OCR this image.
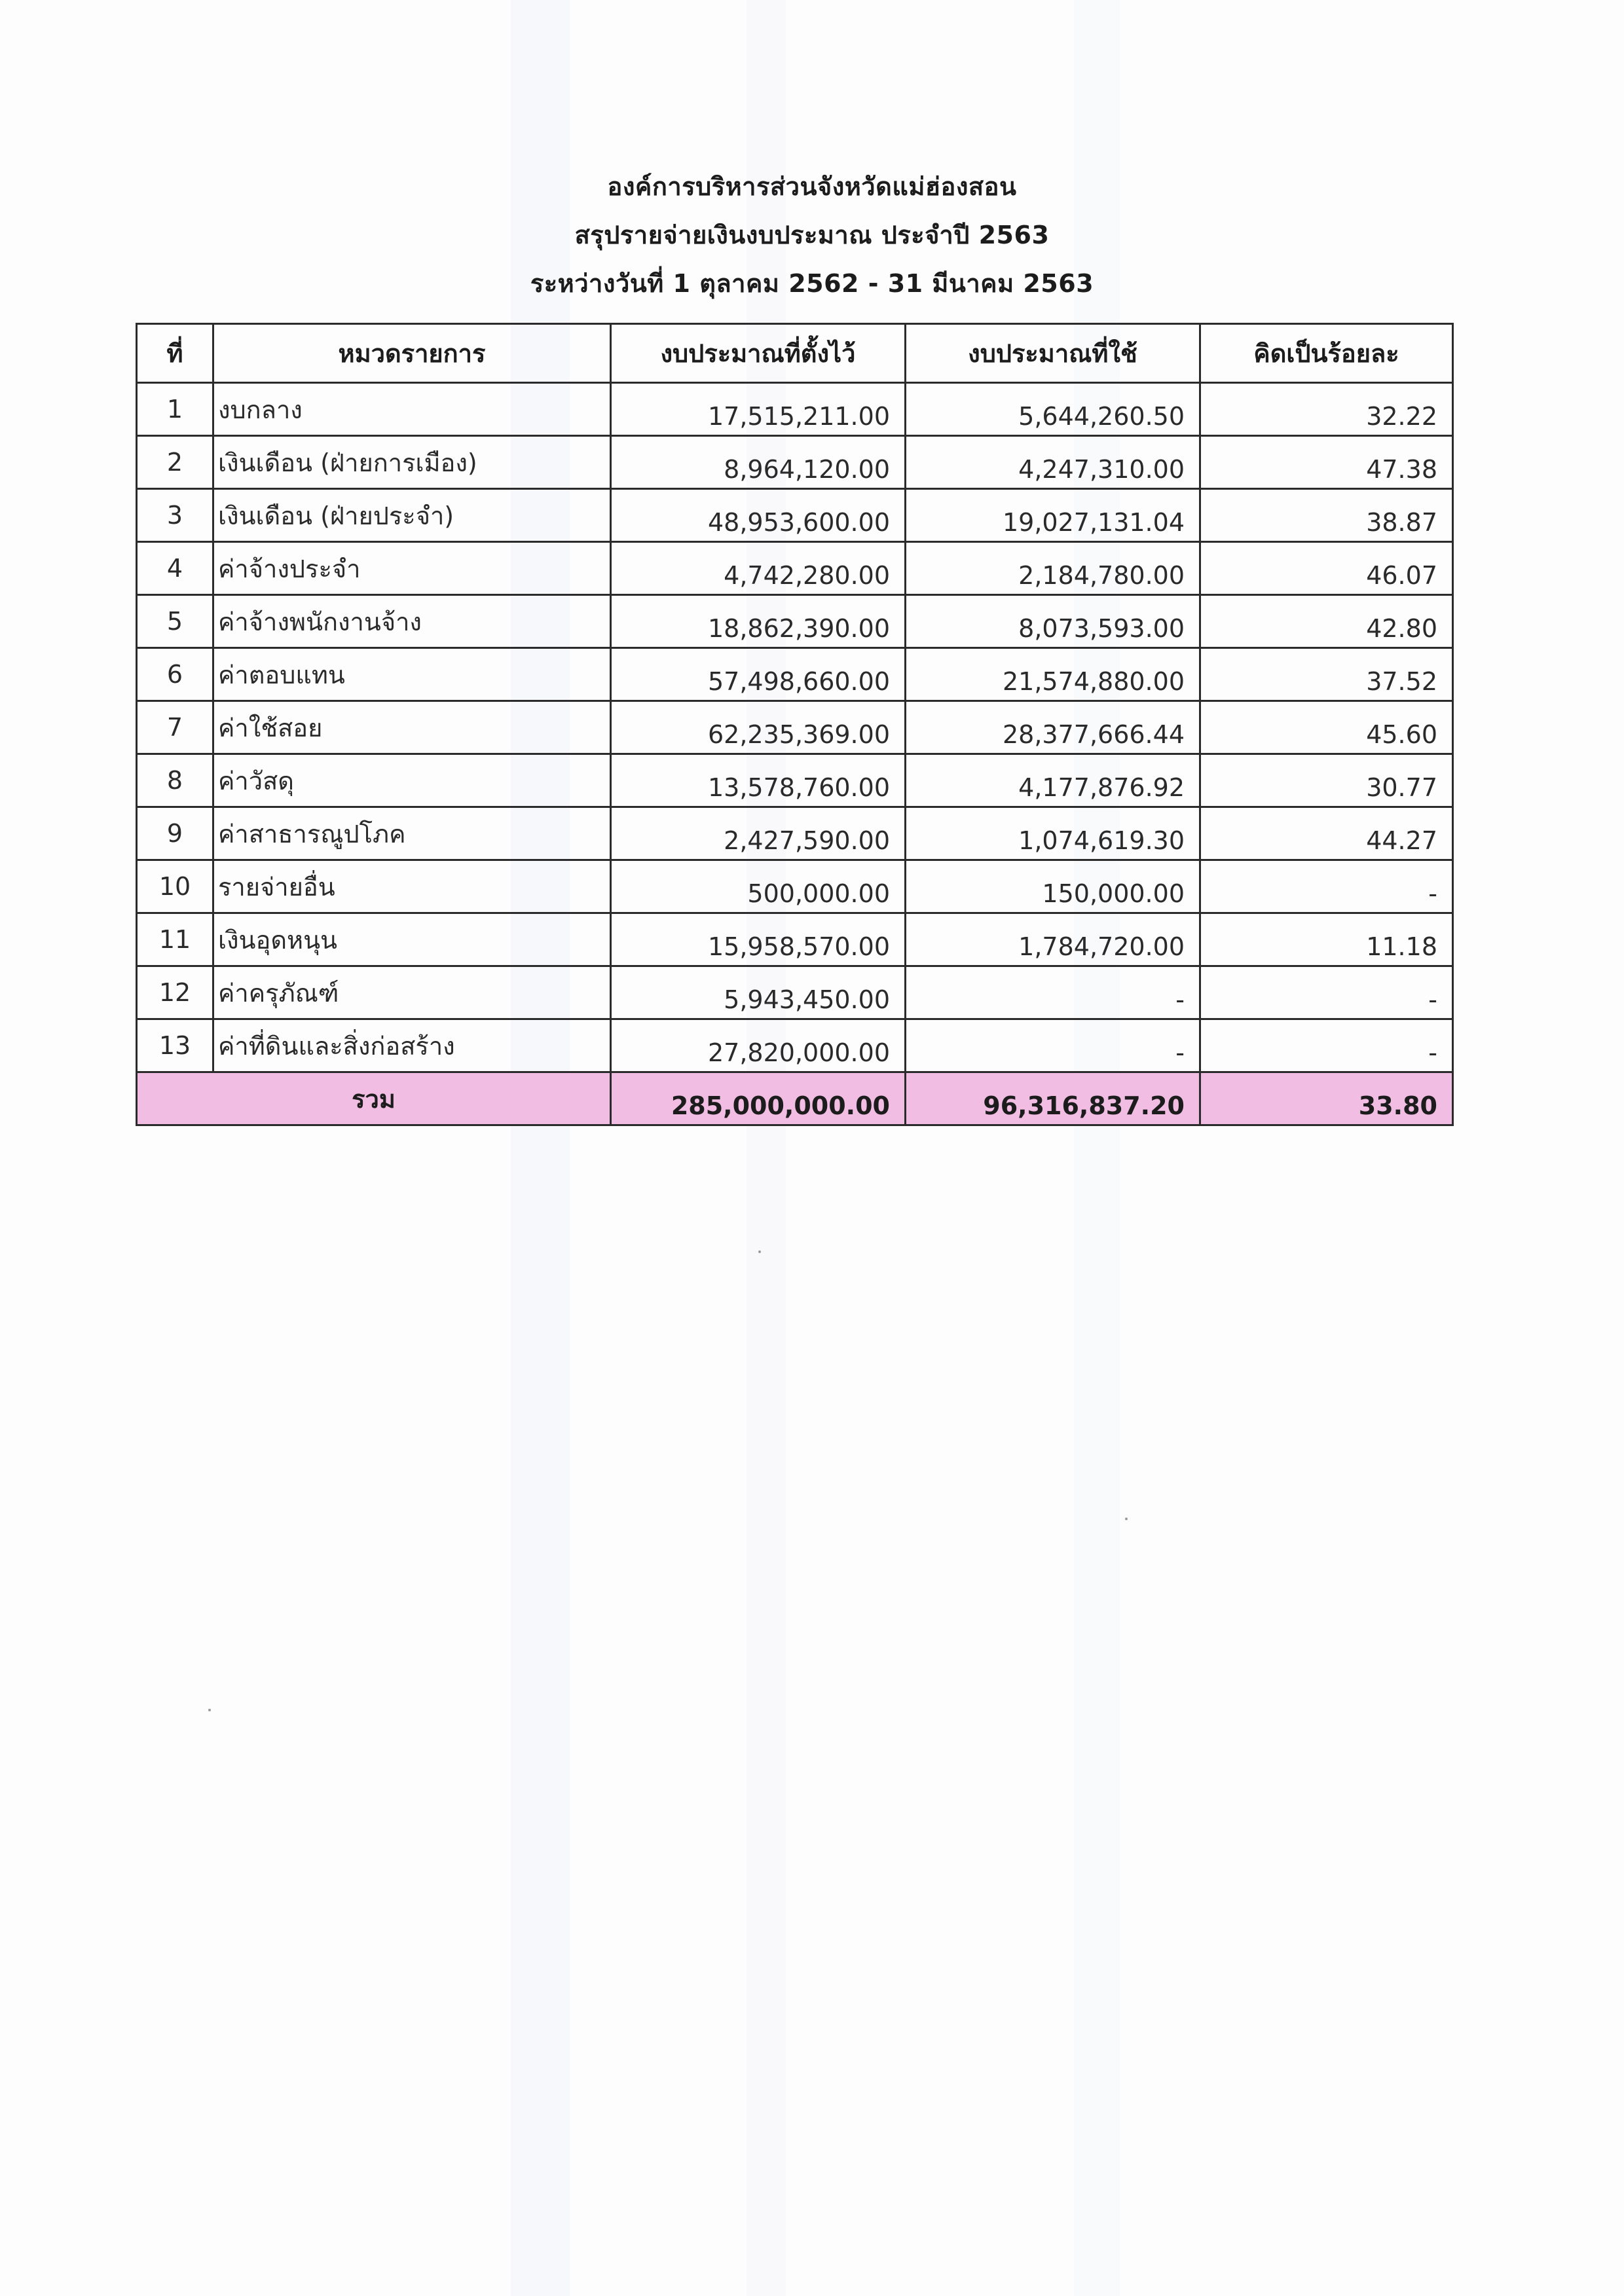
องค์การบริหารส่วนจังหวัดแม่ฮ่องสอน
สรุปรายจ่ายเงินงบประมาณ ประจำปี 2563
ระหว่างวันที่ 1 ตุลาคม 2562 - 31 มีนาคม 2563
ที่	หมวดรายการ	งบประมาณที่ตั้งไว้	งบประมาณที่ใช้	คิดเป็นร้อยละ
1	งบกลาง	17,515,211.00	5,644,260.50	32.22
2	เงินเดือน (ฝ่ายการเมือง)	8,964,120.00	4,247,310.00	47.38
3	เงินเดือน (ฝ่ายประจำ)	48,953,600.00	19,027,131.04	38.87
4	ค่าจ้างประจำ	4,742,280.00	2,184,780.00	46.07
5	ค่าจ้างพนักงานจ้าง	18,862,390.00	8,073,593.00	42.80
6	ค่าตอบแทน	57,498,660.00	21,574,880.00	37.52
7	ค่าใช้สอย	62,235,369.00	28,377,666.44	45.60
8	ค่าวัสดุ	13,578,760.00	4,177,876.92	30.77
9	ค่าสาธารณูปโภค	2,427,590.00	1,074,619.30	44.27
10	รายจ่ายอื่น	500,000.00	150,000.00	-
11	เงินอุดหนุน	15,958,570.00	1,784,720.00	11.18
12	ค่าครุภัณฑ์	5,943,450.00	-	-
13	ค่าที่ดินและสิ่งก่อสร้าง	27,820,000.00	-	-
รวม		285,000,000.00	96,316,837.20	33.80
